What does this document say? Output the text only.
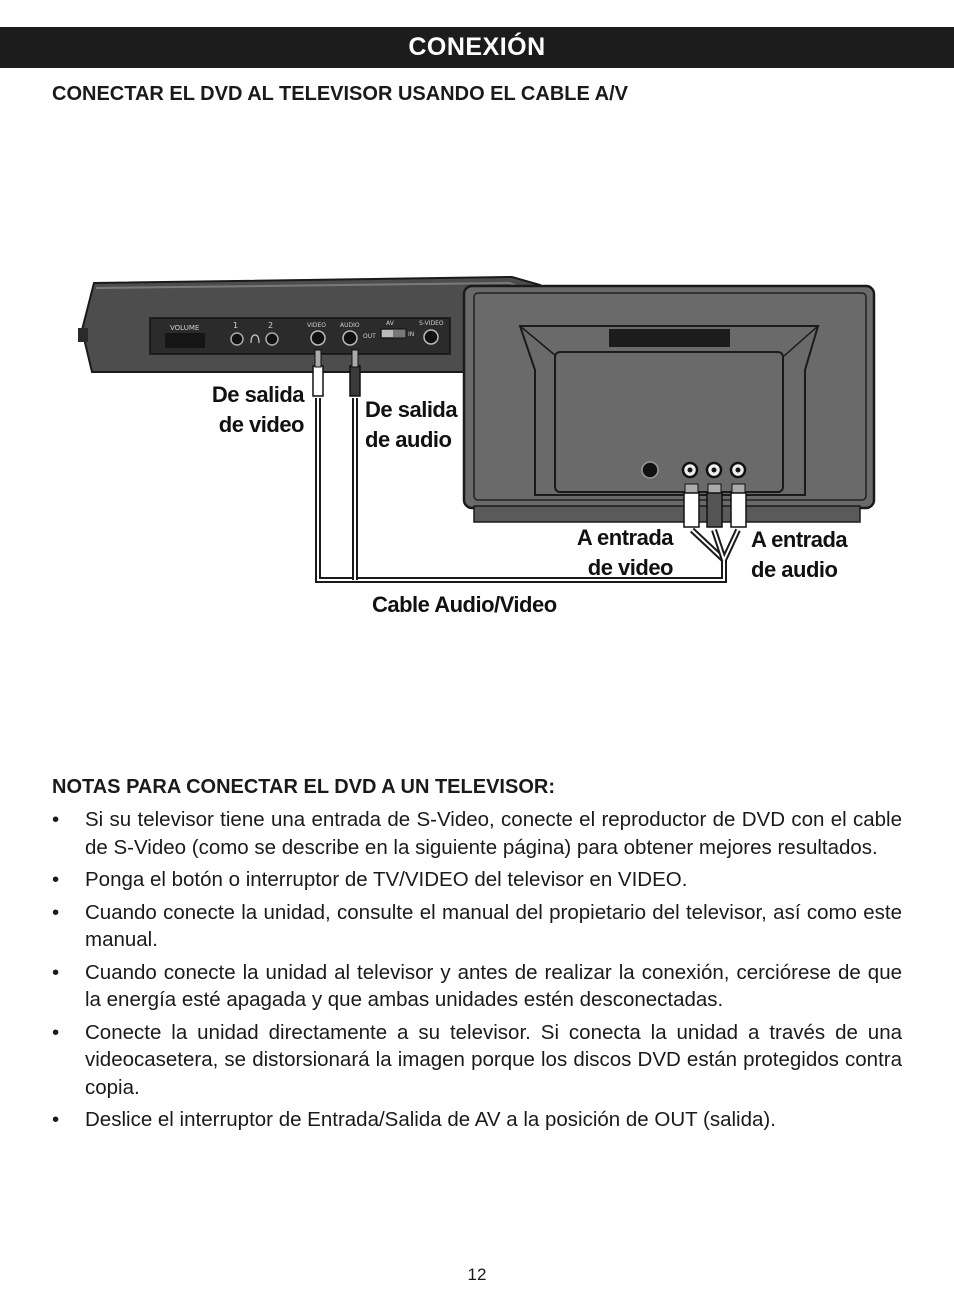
CONEXIÓN
CONECTAR EL DVD AL TELEVISOR USANDO EL CABLE A/V
VOLUME	1	2	VIDEO AUDIO	AV
OUT	IN
S-VIDEO
De salida
de video
De salida
de audio
A entrada
de video
A entrada
de audio
Cable Audio/Video
NOTAS PARA CONECTAR EL DVD A UN TELEVISOR:
• Si su televisor tiene una entrada de S-Video, conecte el reproductor de DVD con el cable de S-Video (como se describe en la siguiente página) para obtener mejores resultados.
• Ponga el botón o interruptor de TV/VIDEO del televisor en VIDEO.
• Cuando conecte la unidad, consulte el manual del propietario del televisor, así como este manual.
• Cuando conecte la unidad al televisor y antes de realizar la conexión, cerciórese de que la energía esté apagada y que ambas unidades estén desconectadas.
• Conecte la unidad directamente a su televisor. Si conecta la unidad a través de una videocasetera, se distorsionará la imagen porque los discos DVD están protegidos contra copia.
• Deslice el interruptor de Entrada/Salida de AV a la posición de OUT (salida).
12
